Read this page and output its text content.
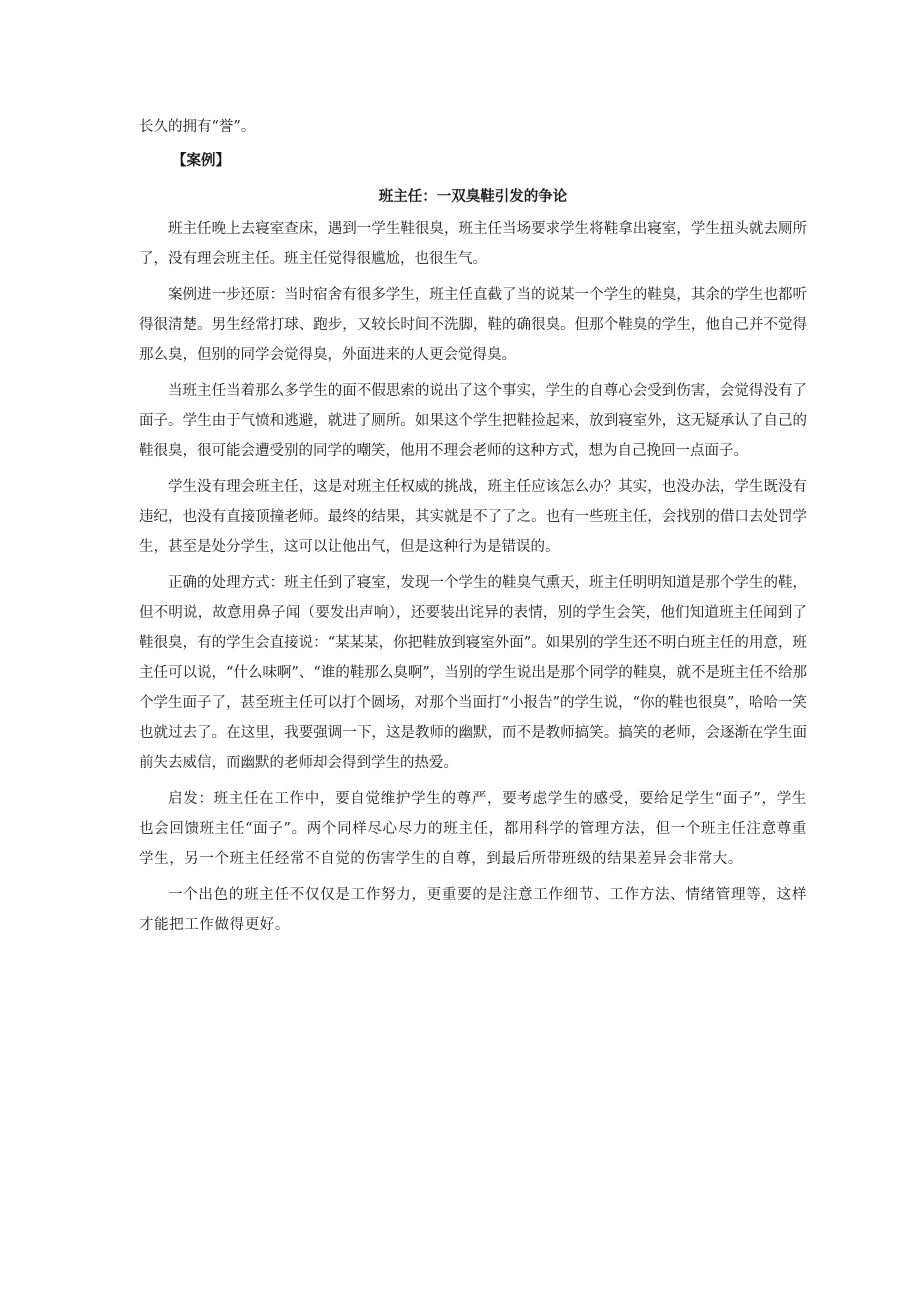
长久的拥有“誉”。

【案例】

班主任：一双臭鞋引发的争论

班主任晚上去寝室查床，遇到一学生鞋很臭，班主任当场要求学生将鞋拿出寝室，学生扭头就去厕所了，没有理会班主任。班主任觉得很尴尬，也很生气。

案例进一步还原：当时宿舍有很多学生，班主任直截了当的说某一个学生的鞋臭，其余的学生也都听得很清楚。男生经常打球、跑步，又较长时间不洗脚，鞋的确很臭。但那个鞋臭的学生，他自己并不觉得那么臭，但别的同学会觉得臭，外面进来的人更会觉得臭。

当班主任当着那么多学生的面不假思索的说出了这个事实，学生的自尊心会受到伤害，会觉得没有了面子。学生由于气愤和逃避，就进了厕所。如果这个学生把鞋捡起来，放到寝室外，这无疑承认了自己的鞋很臭，很可能会遭受别的同学的嘲笑，他用不理会老师的这种方式，想为自己挽回一点面子。

学生没有理会班主任，这是对班主任权威的挑战，班主任应该怎么办？其实，也没办法，学生既没有违纪，也没有直接顶撞老师。最终的结果，其实就是不了了之。也有一些班主任，会找别的借口去处罚学生，甚至是处分学生，这可以让他出气，但是这种行为是错误的。

正确的处理方式：班主任到了寝室，发现一个学生的鞋臭气熏天，班主任明明知道是那个学生的鞋，但不明说，故意用鼻子闻（要发出声响），还要装出诧异的表情，别的学生会笑，他们知道班主任闻到了鞋很臭，有的学生会直接说：“某某某，你把鞋放到寝室外面”。如果别的学生还不明白班主任的用意，班主任可以说，“什么味啊”、“谁的鞋那么臭啊”，当别的学生说出是那个同学的鞋臭，就不是班主任不给那个学生面子了，甚至班主任可以打个圆场，对那个当面打“小报告”的学生说，“你的鞋也很臭”，哈哈一笑也就过去了。在这里，我要强调一下，这是教师的幽默，而不是教师搞笑。搞笑的老师，会逐渐在学生面前失去威信，而幽默的老师却会得到学生的热爱。

启发：班主任在工作中，要自觉维护学生的尊严，要考虑学生的感受，要给足学生“面子”，学生也会回馈班主任“面子”。两个同样尽心尽力的班主任，都用科学的管理方法，但一个班主任注意尊重学生，另一个班主任经常不自觉的伤害学生的自尊，到最后所带班级的结果差异会非常大。

一个出色的班主任不仅仅是工作努力，更重要的是注意工作细节、工作方法、情绪管理等，这样才能把工作做得更好。
